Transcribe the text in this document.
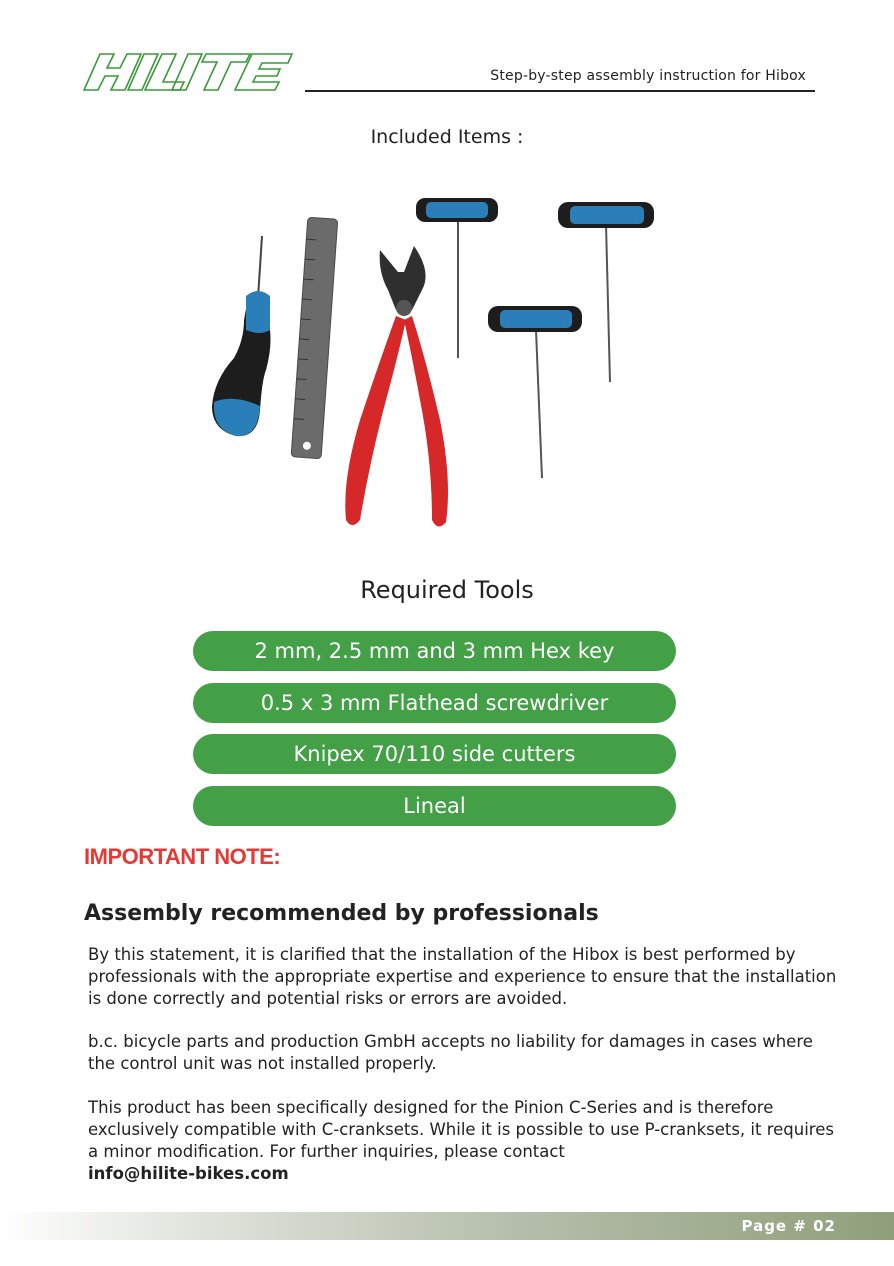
Step-by-step assembly instruction for Hibox
Included Items :
Required Tools
2 mm, 2.5 mm and 3 mm Hex key
0.5 x 3 mm Flathead screwdriver
Knipex 70/110 side cutters
Lineal
IMPORTANT NOTE:
Assembly recommended by professionals

By this statement, it is clarified that the installation of the Hibox is best performed by professionals with the appropriate expertise and experience to ensure that the installation is done correctly and potential risks or errors are avoided.

b.c. bicycle parts and production GmbH accepts no liability for damages in cases where the control unit was not installed properly.

This product has been specifically designed for the Pinion C-Series and is therefore exclusively compatible with C-cranksets. While it is possible to use P-cranksets, it requires a minor modification. For further inquiries, please contact
info@hilite-bikes.com

Page # 02
